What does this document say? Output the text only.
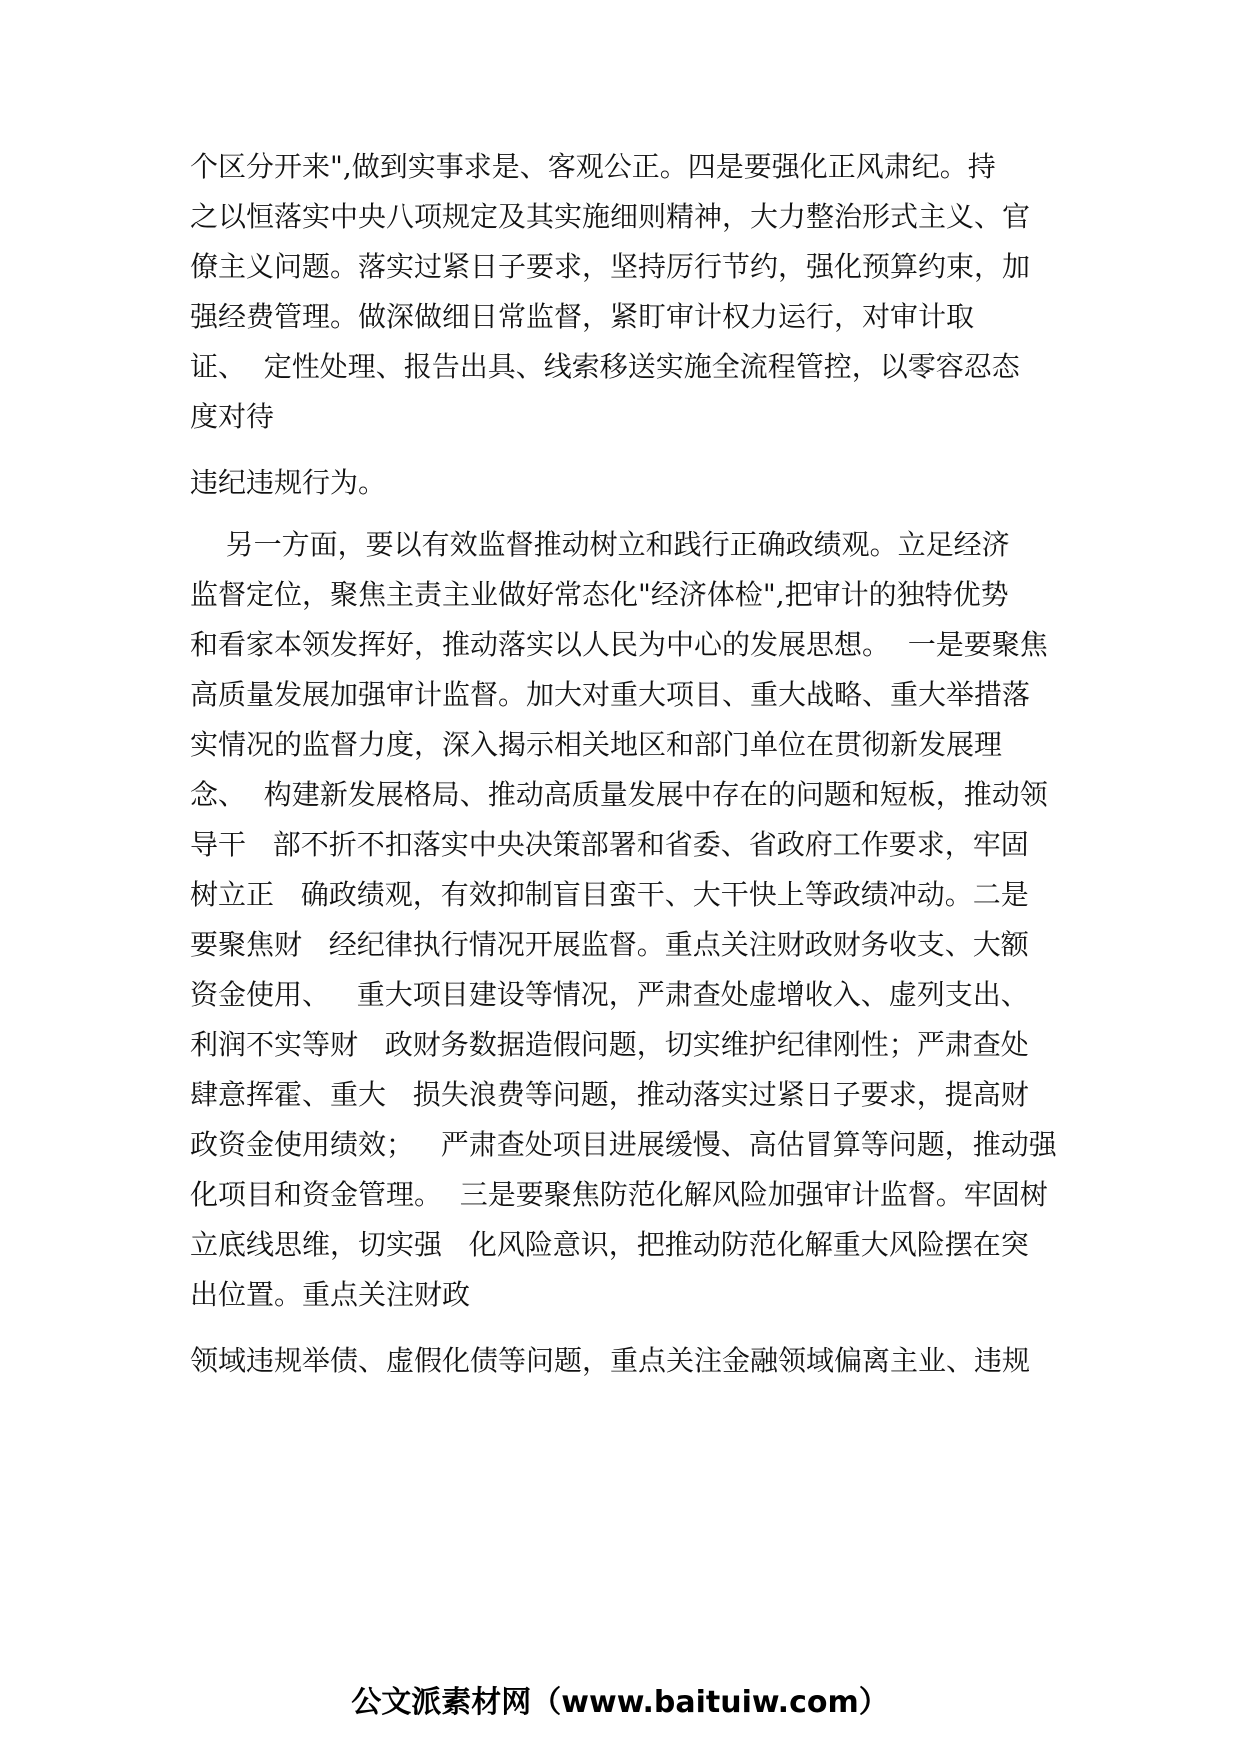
个区分开来",做到实事求是、客观公正。四是要强化正风肃纪。持
之以恒落实中央八项规定及其实施细则精神，大力整治形式主义、官
僚主义问题。落实过紧日子要求，坚持厉行节约，强化预算约束，加
强经费管理。做深做细日常监督，紧盯审计权力运行，对审计取
证、  定性处理、报告出具、线索移送实施全流程管控，以零容忍态
度对待
违纪违规行为。
另一方面，要以有效监督推动树立和践行正确政绩观。立足经济
监督定位，聚焦主责主业做好常态化"经济体检",把审计的独特优势
和看家本领发挥好，推动落实以人民为中心的发展思想。  一是要聚焦
高质量发展加强审计监督。加大对重大项目、重大战略、重大举措落
实情况的监督力度，深入揭示相关地区和部门单位在贯彻新发展理
念、  构建新发展格局、推动高质量发展中存在的问题和短板，推动领
导干   部不折不扣落实中央决策部署和省委、省政府工作要求，牢固
树立正   确政绩观，有效抑制盲目蛮干、大干快上等政绩冲动。二是
要聚焦财   经纪律执行情况开展监督。重点关注财政财务收支、大额
资金使用、   重大项目建设等情况，严肃查处虚增收入、虚列支出、
利润不实等财   政财务数据造假问题，切实维护纪律刚性；严肃查处
肆意挥霍、重大   损失浪费等问题，推动落实过紧日子要求，提高财
政资金使用绩效；   严肃查处项目进展缓慢、高估冒算等问题，推动强
化项目和资金管理。  三是要聚焦防范化解风险加强审计监督。牢固树
立底线思维，切实强   化风险意识，把推动防范化解重大风险摆在突
出位置。重点关注财政
领域违规举债、虚假化债等问题，重点关注金融领域偏离主业、违规
公文派素材网（www.baituiw.com）
